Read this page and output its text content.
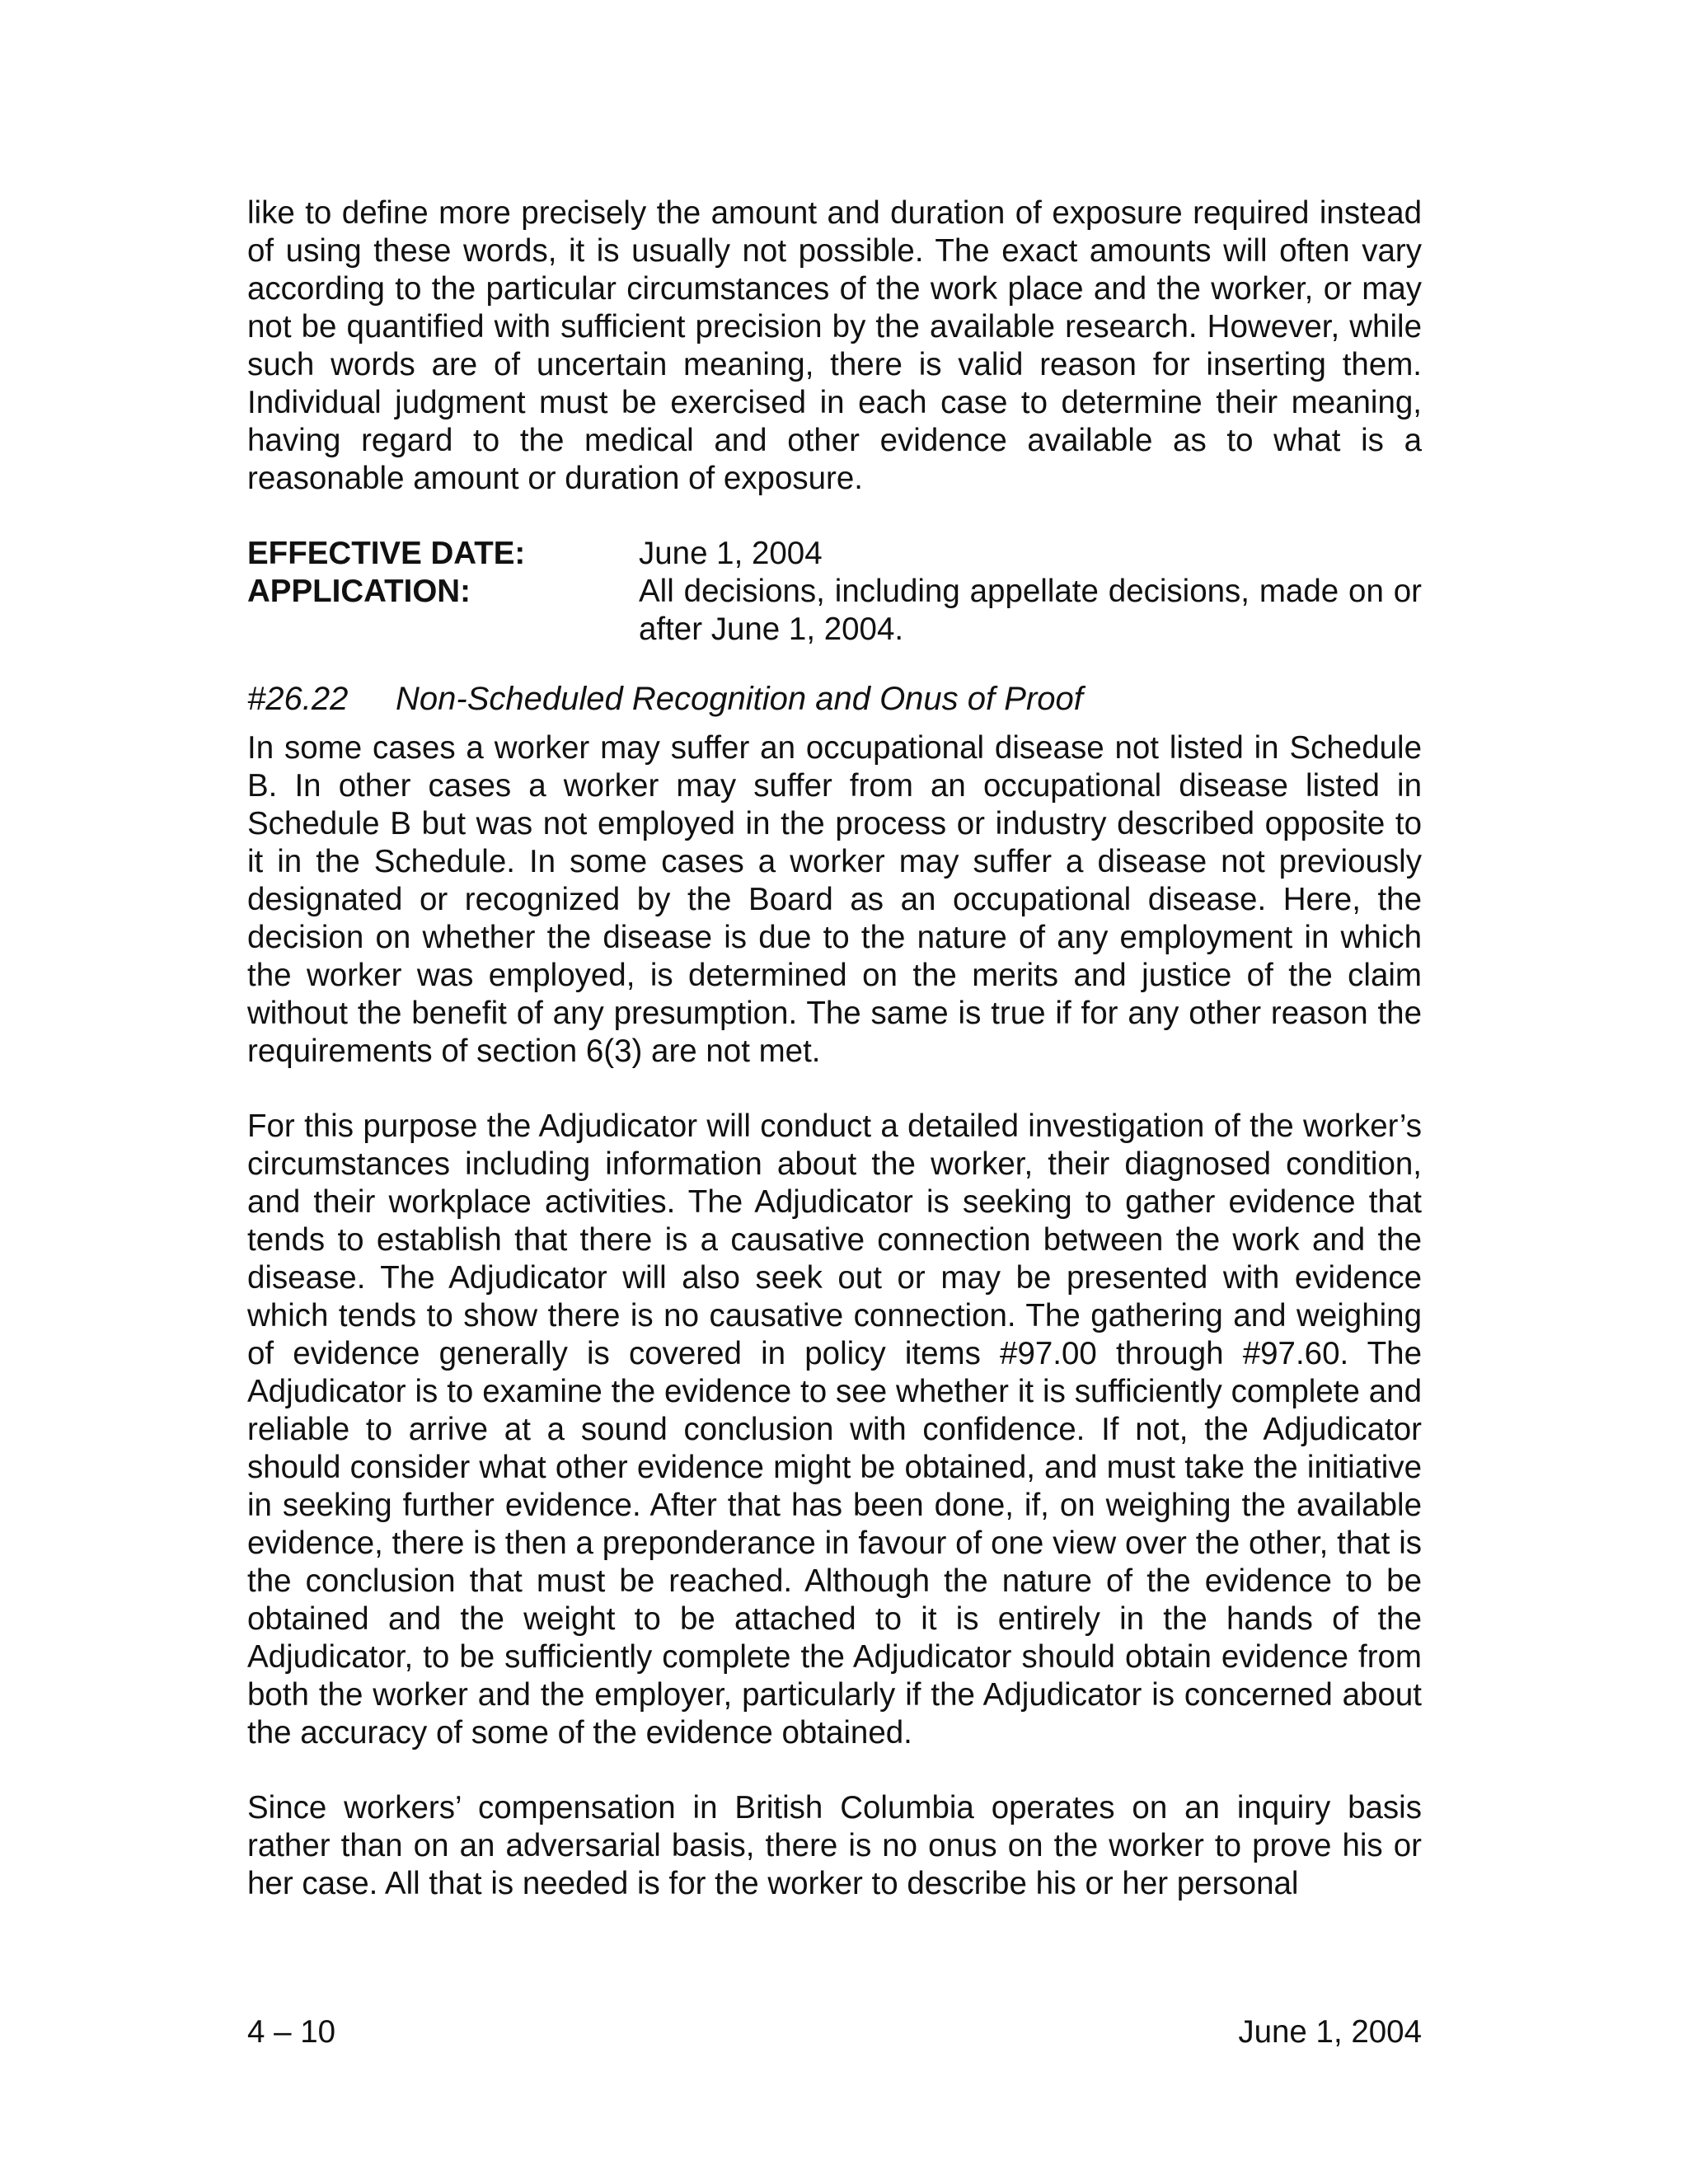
like to define more precisely the amount and duration of exposure required instead of using these words, it is usually not possible. The exact amounts will often vary according to the particular circumstances of the work place and the worker, or may not be quantified with sufficient precision by the available research. However, while such words are of uncertain meaning, there is valid reason for inserting them. Individual judgment must be exercised in each case to determine their meaning, having regard to the medical and other evidence available as to what is a reasonable amount or duration of exposure.

EFFECTIVE DATE:	June 1, 2004
APPLICATION:	All decisions, including appellate decisions, made on or after June 1, 2004.
#26.22	Non-Scheduled Recognition and Onus of Proof

In some cases a worker may suffer an occupational disease not listed in Schedule B. In other cases a worker may suffer from an occupational disease listed in Schedule B but was not employed in the process or industry described opposite to it in the Schedule. In some cases a worker may suffer a disease not previously designated or recognized by the Board as an occupational disease. Here, the decision on whether the disease is due to the nature of any employment in which the worker was employed, is determined on the merits and justice of the claim without the benefit of any presumption. The same is true if for any other reason the requirements of section 6(3) are not met.

For this purpose the Adjudicator will conduct a detailed investigation of the worker’s circumstances including information about the worker, their diagnosed condition, and their workplace activities. The Adjudicator is seeking to gather evidence that tends to establish that there is a causative connection between the work and the disease. The Adjudicator will also seek out or may be presented with evidence which tends to show there is no causative connection. The gathering and weighing of evidence generally is covered in policy items #97.00 through #97.60. The Adjudicator is to examine the evidence to see whether it is sufficiently complete and reliable to arrive at a sound conclusion with confidence. If not, the Adjudicator should consider what other evidence might be obtained, and must take the initiative in seeking further evidence. After that has been done, if, on weighing the available evidence, there is then a preponderance in favour of one view over the other, that is the conclusion that must be reached. Although the nature of the evidence to be obtained and the weight to be attached to it is entirely in the hands of the Adjudicator, to be sufficiently complete the Adjudicator should obtain evidence from both the worker and the employer, particularly if the Adjudicator is concerned about the accuracy of some of the evidence obtained.

Since workers’ compensation in British Columbia operates on an inquiry basis rather than on an adversarial basis, there is no onus on the worker to prove his or her case. All that is needed is for the worker to describe his or her personal

4 – 10	June 1, 2004
